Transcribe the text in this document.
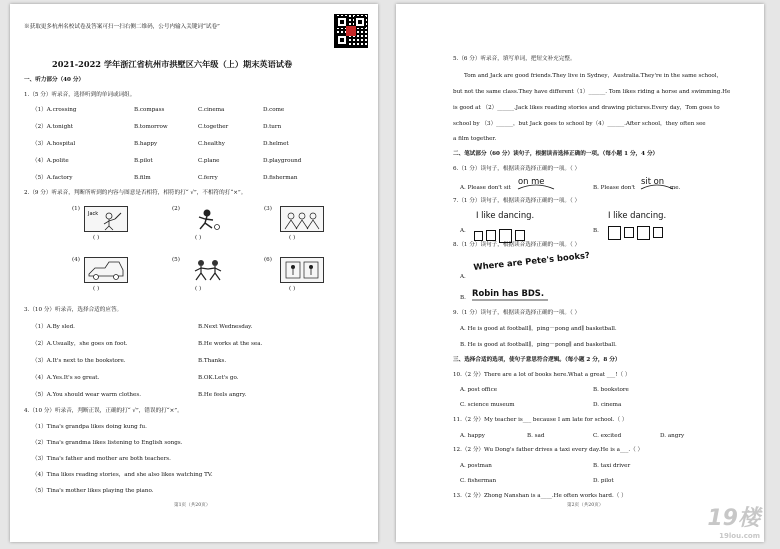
※获取更多杭州名校试卷及答案可扫一扫右侧二维码，公号内输入关键词“试卷”
2021-2022 学年浙江省杭州市拱墅区六年级（上）期末英语试卷
一、听力部分（40 分）
1.（5 分）听录音，选择听到的单词或词组。
（1）A.crossing	B.compass	C.cinema	D.come
（2）A.tonight	B.tomorrow	C.together	D.turn
（3）A.hospital	B.happy	C.healthy	D.helmet
（4）A.polite	B.pilot	C.plane	D.playground
（5）A.factory	B.film	C.ferry	D.fisherman
2.（9 分）听录音，判断所听到的内容与图意是否相符，相符的打“ √”，不相符的打“×”。
(1)
Jack
( )
(2)
( )
(3)
( )
(4)
( )
(5)
( )
(6)
( )
3.（10 分）听录音，选择合适的应答。
（1）A.By sled.	B.Next Wednesday.
（2）A.Usually，she goes on foot.	B.He works at the sea.
（3）A.It's next to the bookstore.	B.Thanks.
（4）A.Yes.It's so great.	B.OK.Let's go.
（5）A.You should wear warm clothes.	B.He feels angry.
4.（10 分）听录音，判断正误，正确的打“ √”，错误的打“×”。
（1）Tina's grandpa likes doing kung fu.
（2）Tina's grandma likes listening to English songs.
（3）Tina's father and mother are both teachers.
（4）Tina likes reading stories，and she also likes watching TV.
（5）Tina's mother likes playing the piano.
第1页（共20页）
5.（6 分）听录音，填写单词，把短文补充完整。
Tom and Jack are good friends.They live in Sydney，Australia.They're in the same school，
but not the same class.They have different（1）______. Tom likes riding a horse and swimming.He
is good at （2）______.Jack likes reading stories and drawing pictures.Every day，Tom goes to
school by （3）______，but Jack goes to school by（4）______.After school，they often see
a film together.
二、笔试部分（60 分）读句子，根据读音选择正确的一项。（每小题 1 分，4 分）
6.（1 分）读句子，根据读音选择正确的一项。（ ）
A. Please don't sit
on me
B. Please don't
sit on
me.
7.（1 分）读句子，根据读音选择正确的一项。（ ）
I like dancing.
A.
I like dancing.
B.
8.（1 分）读句子，根据读音选择正确的一项。（ ）
A.
Where are Pete's books?
B. Robin has BDS.
9.（1 分）读句子，根据读音选择正确的一项。（ ）
A. He is good at football∥，ping－pong and∥ basketball.
B. He is good at football∥，ping－pong∥ and basketball.
三、选择合适的选项，使句子意思符合逻辑。（每小题 2 分，8 分）
10.（2 分）There are a lot of books here.What a great ___!（ ）
A. post office	B. bookstore
C. science museum	D. cinema
11.（2 分）My teacher is___ because I am late for school.（ ）
A. happy	B. sad	C. excited	D. angry
12.（2 分）Wu Dong's father drives a taxi every day.He is a___.（ ）
A. postman	B. taxi driver
C. fisherman	D. pilot
13.（2 分）Zhong Nanshan is a____.He often works hard.（ ）
第2页（共20页）
19楼
19lou.com
